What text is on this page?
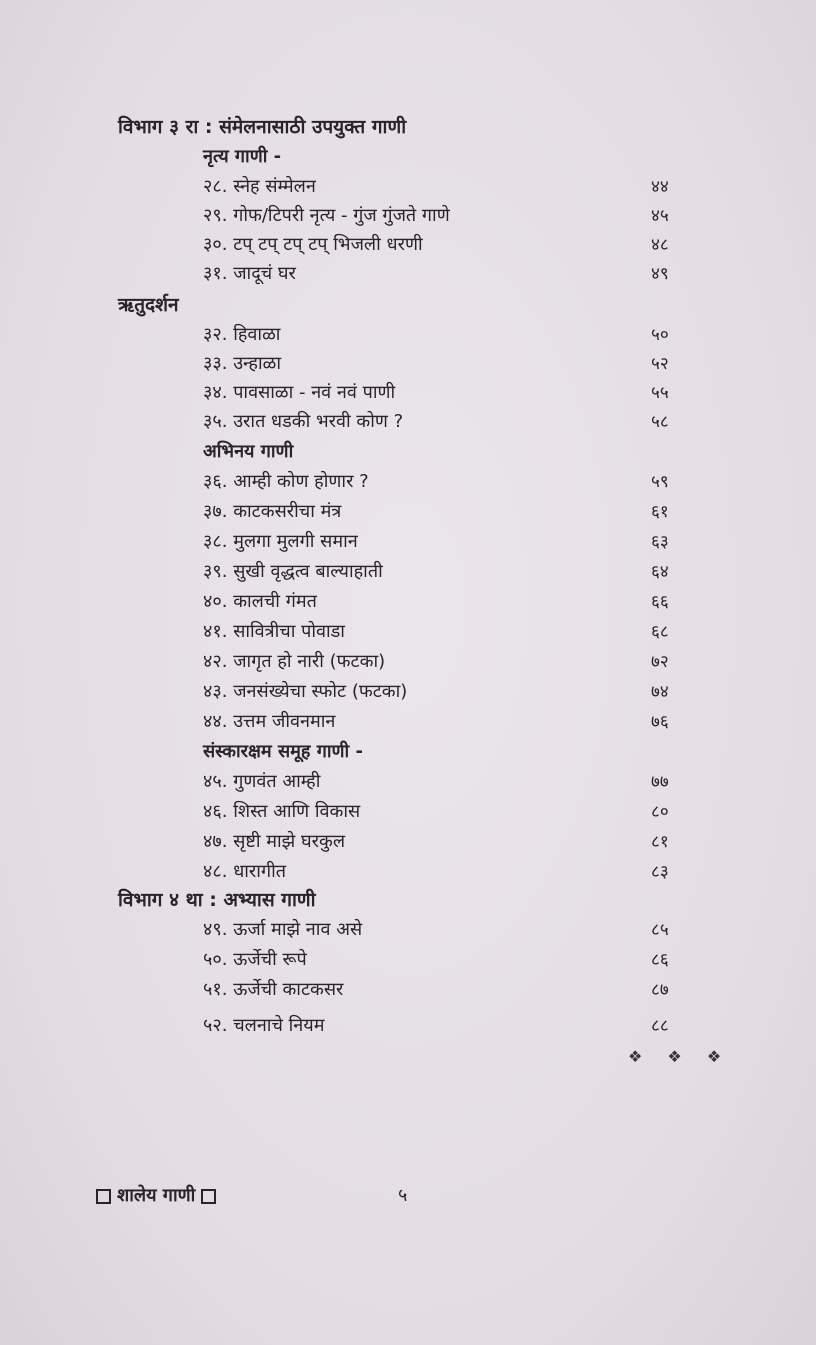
विभाग ३ रा : संमेलनासाठी उपयुक्त गाणी
नृत्य गाणी -
२८. स्नेह संम्मेलन	४४
२९. गोफ/टिपरी नृत्य - गुंज गुंजते गाणे	४५
३०. टप् टप् टप् टप् भिजली धरणी	४८
३१. जादूचं घर	४९
ऋतुदर्शन
३२. हिवाळा	५०
३३. उन्हाळा	५२
३४. पावसाळा - नवं नवं पाणी	५५
३५. उरात धडकी भरवी कोण ?	५८
अभिनय गाणी
३६. आम्ही कोण होणार ?	५९
३७. काटकसरीचा मंत्र	६१
३८. मुलगा मुलगी समान	६३
३९. सुखी वृद्धत्व बाल्याहाती	६४
४०. कालची गंमत	६६
४१. सावित्रीचा पोवाडा	६८
४२. जागृत हो नारी (फटका)	७२
४३. जनसंख्येचा स्फोट (फटका)	७४
४४. उत्तम जीवनमान	७६
संस्कारक्षम समूह गाणी -
४५. गुणवंत आम्ही	७७
४६. शिस्त आणि विकास	८०
४७. सृष्टी माझे घरकुल	८१
४८. धारागीत	८३
विभाग ४ था : अभ्यास गाणी
४९. ऊर्जा माझे नाव असे	८५
५०. ऊर्जेची रूपे	८६
५१. ऊर्जेची काटकसर	८७
५२. चलनाचे नियम	८८
❖ ❖ ❖
शालेय गाणी	५
